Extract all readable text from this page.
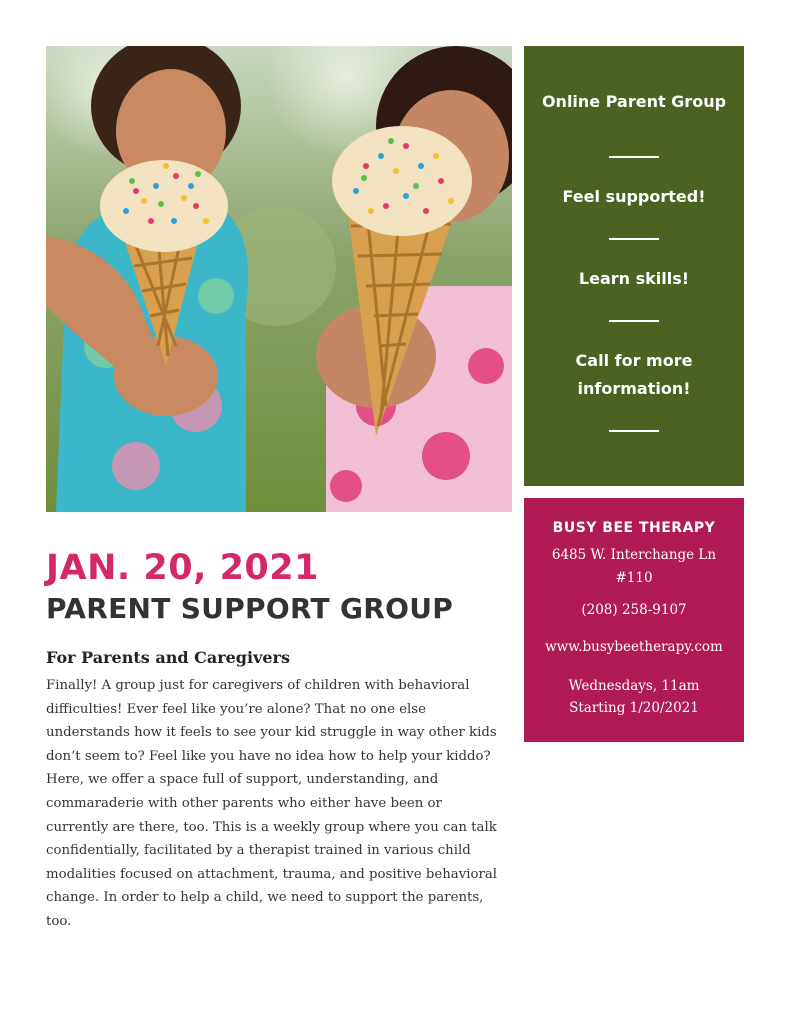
Online Parent Group
Feel supported!
Learn skills!
Call for more information!
BUSY BEE THERAPY
6485 W. Interchange Ln
#110
(208) 258-9107
www.busybeetherapy.com
Wednesdays, 11am
Starting 1/20/2021
JAN. 20, 2021
PARENT SUPPORT GROUP
For Parents and Caregivers
Finally! A group just for caregivers of children with behavioral difficulties! Ever feel like you’re alone? That no one else understands how it feels to see your kid struggle in way other kids don’t seem to? Feel like you have no idea how to help your kiddo? Here, we offer a space full of support, understanding, and commaraderie with other parents who either have been or currently are there, too. This is a weekly group where you can talk confidentially, facilitated by a therapist trained in various child modalities focused on attachment, trauma, and positive behavioral change. In order to help a child, we need to support the parents, too.
